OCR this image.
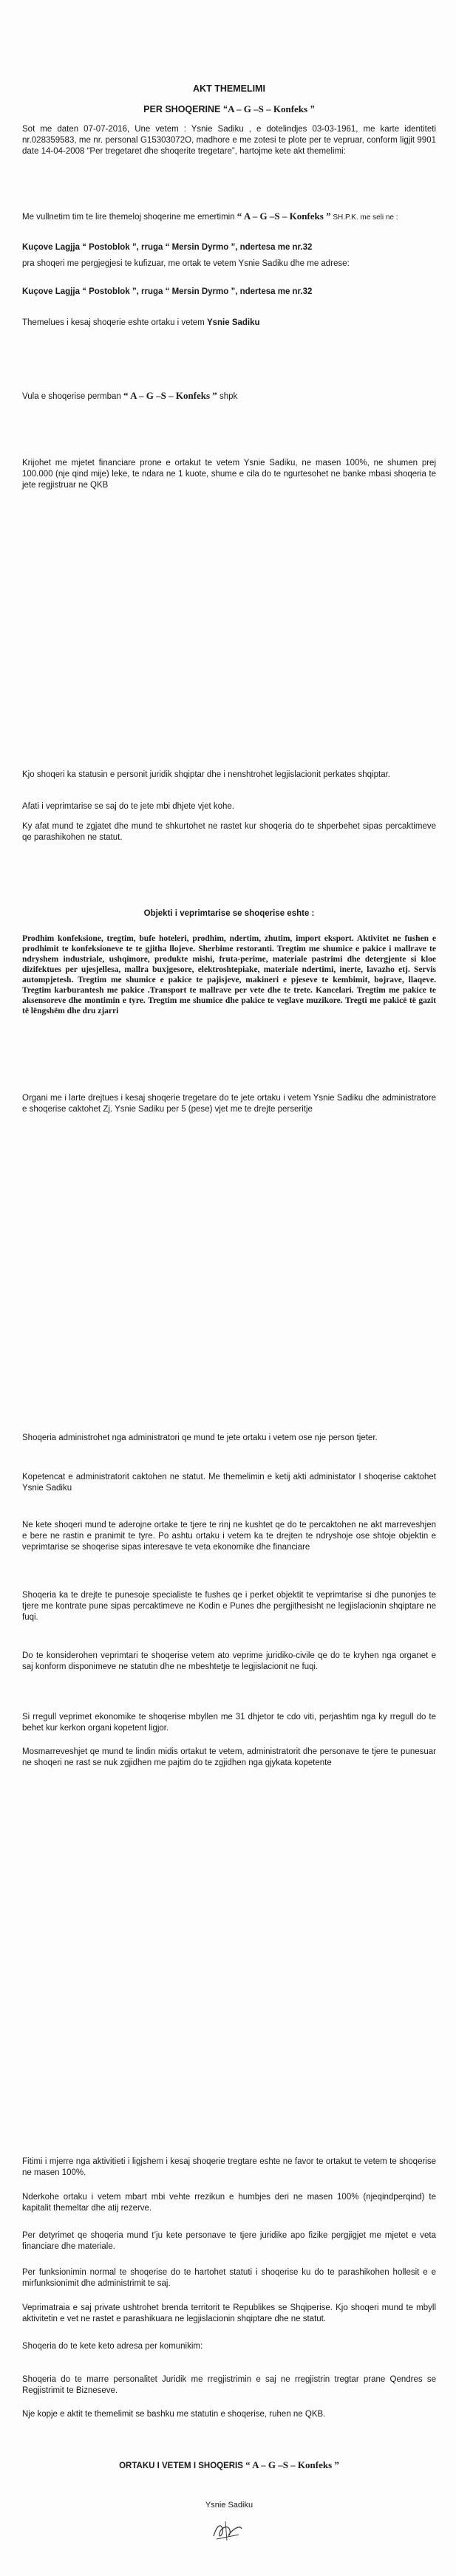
AKT THEMELIMI

PER SHOQERINE “A – G –S – Konfeks ”

Sot me daten 07-07-2016, Une vetem : Ysnie Sadiku , e dotelindjes 03-03-1961, me karte identiteti nr.028359583, me nr. personal G15303072O, madhore e me zotesi te plote per te vepruar, conform ligjit 9901 date 14-04-2008 “Per tregetaret dhe shoqerite tregetare”, hartojme kete akt themelimi:

Me vullnetim tim te lire themeloj shoqerine me emertimin “ A – G –S – Konfeks ” SH.P.K. me seli ne :

Kuçove Lagjja “ Postoblok ”, rruga “ Mersin Dyrmo ”, ndertesa me nr.32

pra shoqeri me pergjegjesi te kufizuar, me ortak te vetem Ysnie Sadiku dhe me adrese:

Kuçove Lagjja “ Postoblok ”, rruga “ Mersin Dyrmo ”, ndertesa me nr.32

Themelues i kesaj shoqerie eshte ortaku i vetem Ysnie Sadiku

Vula e shoqerise permban “ A – G –S – Konfeks ” shpk

Krijohet me mjetet financiare prone e ortakut te vetem Ysnie Sadiku, ne masen 100%, ne shumen prej 100.000 (nje qind mije) leke, te ndara ne 1 kuote, shume e cila do te ngurtesohet ne banke mbasi shoqeria te jete regjistruar ne QKB

Kjo shoqeri ka statusin e personit juridik shqiptar dhe i nenshtrohet legjislacionit perkates shqiptar.

Afati i veprimtarise se saj do te jete mbi dhjete vjet kohe.

Ky afat mund te zgjatet dhe mund te shkurtohet ne rastet kur shoqeria do te shperbehet sipas percaktimeve qe parashikohen ne statut.

Objekti i veprimtarise se shoqerise eshte :

Prodhim konfeksione, tregtim, bufe hoteleri, prodhim, ndertim, zhutim, import eksport. Aktivitet ne fushen e prodhimit te konfeksioneve te te gjitha llojeve. Sherbime restoranti. Tregtim me shumice e pakice i mallrave te ndryshem industriale, ushqimore, produkte mishi, fruta-perime, materiale pastrimi dhe detergjente si kloe dizifektues per ujesjellesa, mallra buxjgesore, elektroshtepiake, materiale ndertimi, inerte, lavazho etj. Servis autompjetesh. Tregtim me shumice e pakice te pajisjeve, makineri e pjeseve te kembimit, bojrave, llaqeve. Tregtim karburantesh me pakice .Transport te mallrave per vete dhe te trete. Kancelari. Tregtim me pakice te aksensoreve dhe montimin e tyre. Tregtim me shumice dhe pakice te veglave muzikore. Tregti me pakicë të gazit të lëngshëm dhe dru zjarri

Organi me i larte drejtues i kesaj shoqerie tregetare do te jete ortaku i vetem Ysnie Sadiku dhe administratore e shoqerise caktohet Zj. Ysnie Sadiku per 5 (pese) vjet me te drejte perseritje

Shoqeria administrohet nga administratori qe mund te jete ortaku i vetem ose nje person tjeter.

Kopetencat e administratorit caktohen ne statut. Me themelimin e ketij akti administator I shoqerise caktohet Ysnie Sadiku

Ne kete shoqeri mund te aderojne ortake te tjere te rinj ne kushtet qe do te percaktohen ne akt marreveshjen e bere ne rastin e pranimit te tyre. Po ashtu ortaku i vetem ka te drejten te ndryshoje ose shtoje objektin e veprimtarise se shoqerise sipas interesave te veta ekonomike dhe financiare

Shoqeria ka te drejte te punesoje specialiste te fushes qe i perket objektit te veprimtarise si dhe punonjes te tjere me kontrate pune sipas percaktimeve ne Kodin e Punes dhe pergjithesisht ne legjislacionin shqiptare ne fuqi.

Do te konsiderohen veprimtari te shoqerise vetem ato veprime juridiko-civile qe do te kryhen nga organet e saj konform disponimeve ne statutin dhe ne mbeshtetje te legjislacionit ne fuqi.

Si rregull veprimet ekonomike te shoqerise mbyllen me 31 dhjetor te cdo viti, perjashtim nga ky rregull do te behet kur kerkon organi kopetent ligjor.

Mosmarreveshjet qe mund te lindin midis ortakut te vetem, administratorit dhe personave te tjere te punesuar ne shoqeri ne rast se nuk zgjidhen me pajtim do te zgjidhen nga gjykata kopetente

Fitimi i mjerre nga aktivitieti i ligjshem i kesaj shoqerie tregtare eshte ne favor te ortakut te vetem te shoqerise ne masen 100%.

Nderkohe ortaku i vetem mbart mbi vehte rrezikun e humbjes deri ne masen 100% (njeqindperqind) te kapitalit themeltar dhe atij rezerve.

Per detyrimet qe shoqeria mund t’ju kete personave te tjere juridike apo fizike pergjigjet me mjetet e veta financiare dhe materiale.

Per funksionimin normal te shoqerise do te hartohet statuti i shoqerise ku do te parashikohen hollesit e e mirfunksionimit dhe administrimit te saj.

Veprimatraia e saj private ushtrohet brenda territorit te Republikes se Shqiperise. Kjo shoqeri mund te mbyll aktivitetin e vet ne rastet e parashikuara ne legjislacionin shqiptare dhe ne statut.

Shoqeria do te kete keto adresa per komunikim:

Shoqeria do te marre personalitet Juridik me rregjistrimin e saj ne rregjistrin tregtar prane Qendres se Regjistrimit te Bizneseve.

Nje kopje e aktit te themelimit se bashku me statutin e shoqerise, ruhen ne QKB.

ORTAKU I VETEM I SHOQERIS “ A – G –S – Konfeks ”

Ysnie Sadiku
